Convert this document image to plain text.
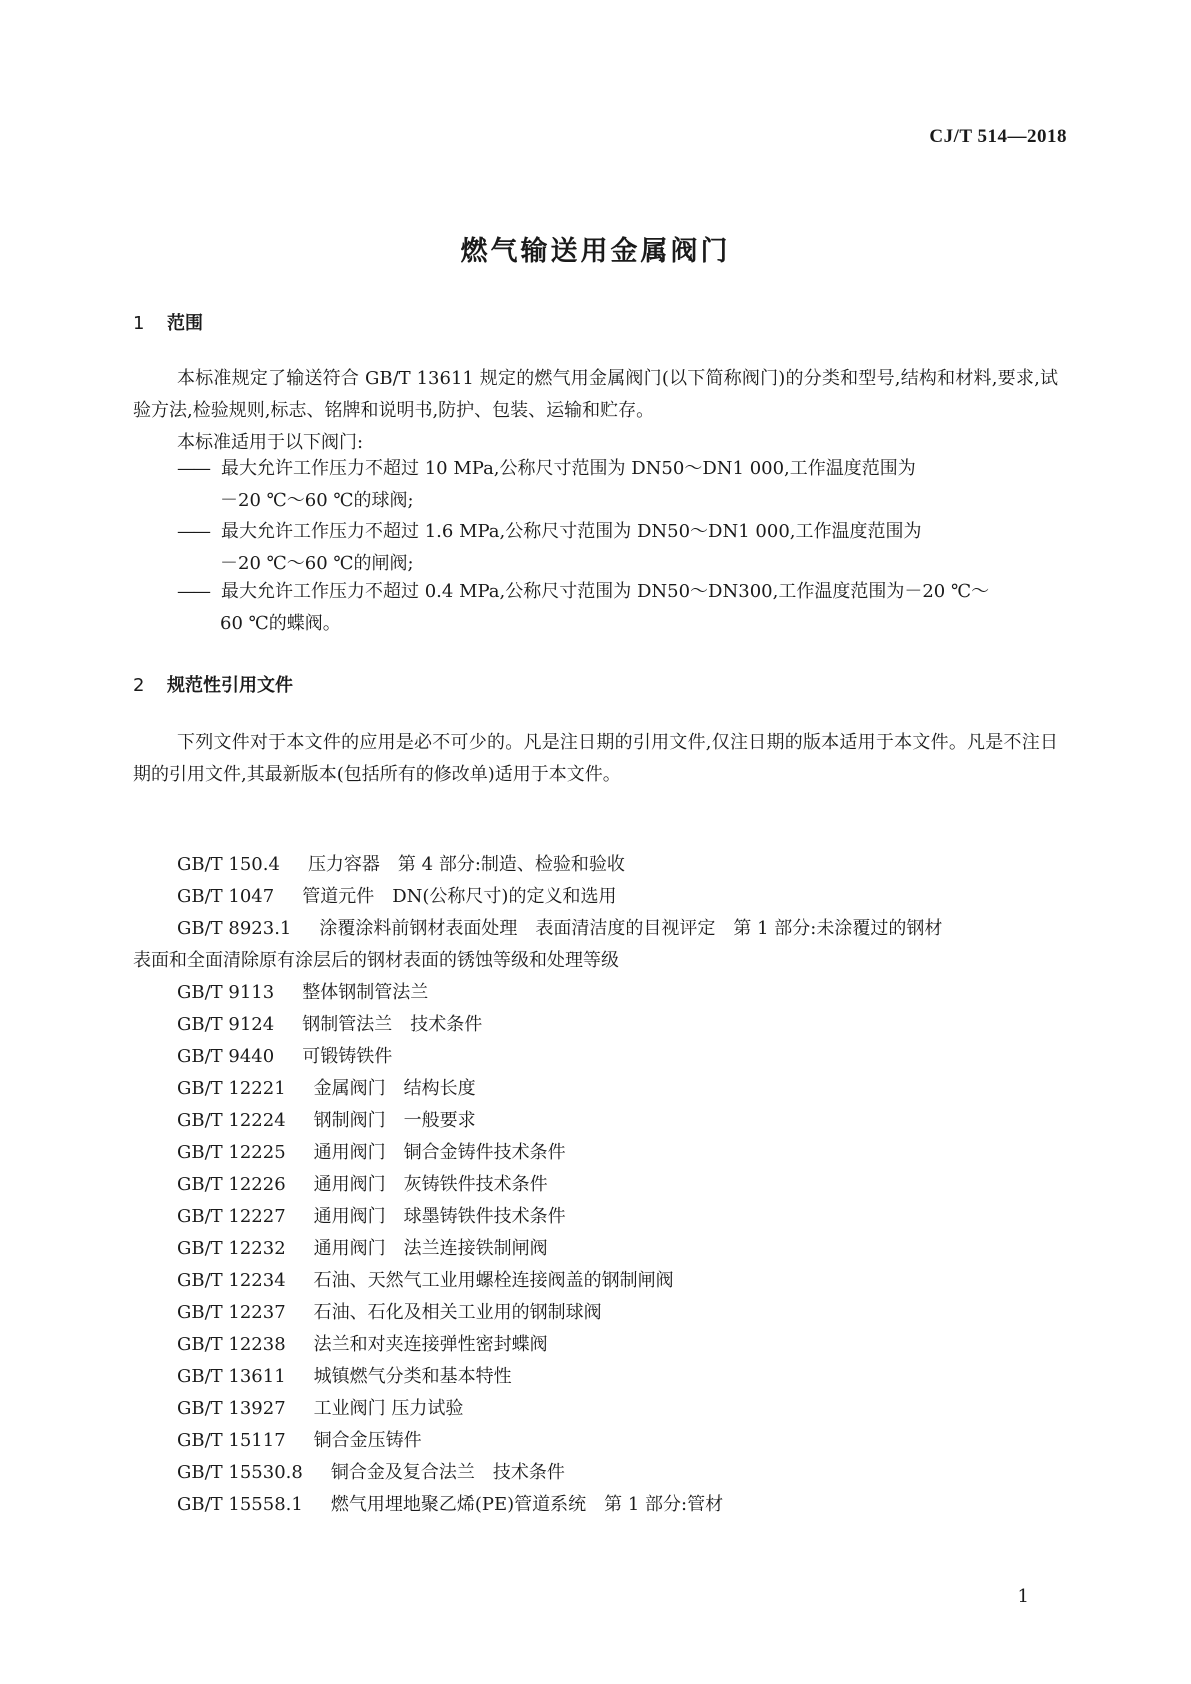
CJ/T 514—2018
燃气输送用金属阀门
1 范围
本标准规定了输送符合 GB/T 13611 规定的燃气用金属阀门(以下简称阀门)的分类和型号,结构和材料,要求,试验方法,检验规则,标志、铭牌和说明书,防护、包装、运输和贮存。
本标准适用于以下阀门:
—— 最大允许工作压力不超过 10 MPa,公称尺寸范围为 DN50～DN1 000,工作温度范围为
－20 ℃～60 ℃的球阀;
—— 最大允许工作压力不超过 1.6 MPa,公称尺寸范围为 DN50～DN1 000,工作温度范围为
－20 ℃～60 ℃的闸阀;
—— 最大允许工作压力不超过 0.4 MPa,公称尺寸范围为 DN50～DN300,工作温度范围为－20 ℃～
60 ℃的蝶阀。
2 规范性引用文件
下列文件对于本文件的应用是必不可少的。凡是注日期的引用文件,仅注日期的版本适用于本文件。凡是不注日期的引用文件,其最新版本(包括所有的修改单)适用于本文件。
GB/T 150.4 压力容器　第 4 部分:制造、检验和验收
GB/T 1047 管道元件　DN(公称尺寸)的定义和选用
GB/T 8923.1 涂覆涂料前钢材表面处理　表面清洁度的目视评定　第 1 部分:未涂覆过的钢材
表面和全面清除原有涂层后的钢材表面的锈蚀等级和处理等级
GB/T 9113 整体钢制管法兰
GB/T 9124 钢制管法兰　技术条件
GB/T 9440 可锻铸铁件
GB/T 12221 金属阀门　结构长度
GB/T 12224 钢制阀门　一般要求
GB/T 12225 通用阀门　铜合金铸件技术条件
GB/T 12226 通用阀门　灰铸铁件技术条件
GB/T 12227 通用阀门　球墨铸铁件技术条件
GB/T 12232 通用阀门　法兰连接铁制闸阀
GB/T 12234 石油、天然气工业用螺栓连接阀盖的钢制闸阀
GB/T 12237 石油、石化及相关工业用的钢制球阀
GB/T 12238 法兰和对夹连接弹性密封蝶阀
GB/T 13611 城镇燃气分类和基本特性
GB/T 13927 工业阀门 压力试验
GB/T 15117 铜合金压铸件
GB/T 15530.8 铜合金及复合法兰　技术条件
GB/T 15558.1 燃气用埋地聚乙烯(PE)管道系统　第 1 部分:管材
1
